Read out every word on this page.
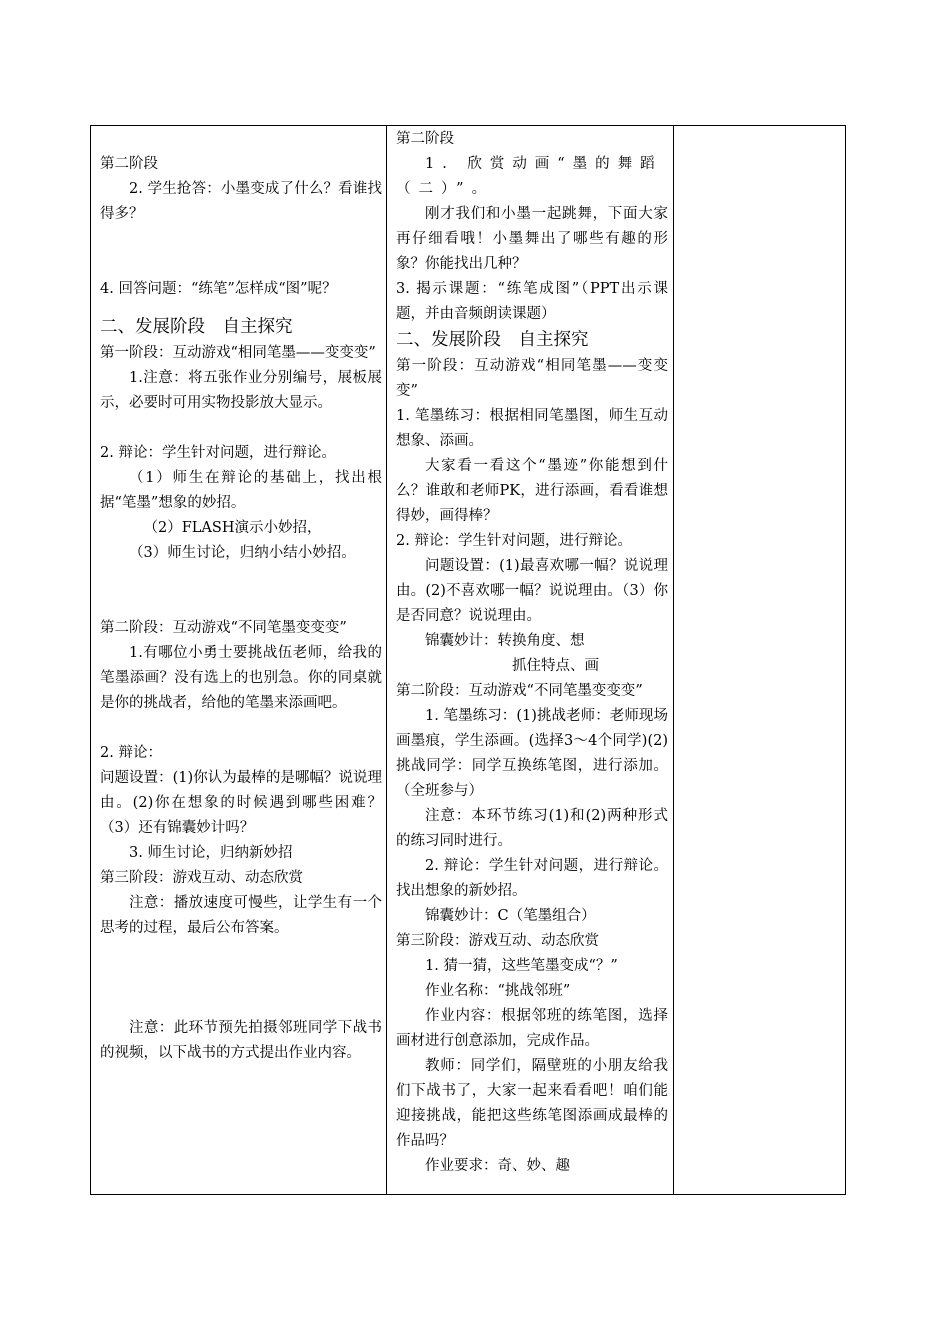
第二阶段

2. 学生抢答：小墨变成了什么？看谁找得多？

4. 回答问题：“练笔”怎样成“图”呢？

二、发展阶段　自主探究

第一阶段：互动游戏“相同笔墨——变变变”

1.注意：将五张作业分别编号，展板展示，必要时可用实物投影放大显示。

2. 辩论：学生针对问题，进行辩论。

（1）师生在辩论的基础上，找出根据“笔墨”想象的妙招。

（2）FLASH演示小妙招，

（3）师生讨论，归纳小结小妙招。

第二阶段：互动游戏“不同笔墨变变变”

1.有哪位小勇士要挑战伍老师，给我的笔墨添画？没有选上的也别急。你的同桌就是你的挑战者，给他的笔墨来添画吧。

2. 辩论：

问题设置：(1)你认为最棒的是哪幅？说说理由。(2)你在想象的时候遇到哪些困难？（3）还有锦囊妙计吗？

3. 师生讨论，归纳新妙招

第三阶段：游戏互动、动态欣赏

注意：播放速度可慢些，让学生有一个思考的过程，最后公布答案。

注意：此环节预先拍摄邻班同学下战书的视频，以下战书的方式提出作业内容。

第二阶段

1. 欣赏动画“墨的舞蹈（二）”。

刚才我们和小墨一起跳舞，下面大家再仔细看哦！小墨舞出了哪些有趣的形象？你能找出几种？

3. 揭示课题：“练笔成图”（PPT出示课题，并由音频朗读课题）

二、发展阶段　自主探究

第一阶段：互动游戏“相同笔墨——变变变”

1. 笔墨练习：根据相同笔墨图，师生互动想象、添画。

大家看一看这个“墨迹”你能想到什么？谁敢和老师PK，进行添画，看看谁想得妙，画得棒？

2. 辩论：学生针对问题，进行辩论。

问题设置：(1)最喜欢哪一幅？说说理由。(2)不喜欢哪一幅？说说理由。（3）你是否同意？说说理由。

锦囊妙计：转换角度、想

抓住特点、画

第二阶段：互动游戏“不同笔墨变变变”

1. 笔墨练习：(1)挑战老师：老师现场画墨痕，学生添画。(选择3～4个同学)(2)挑战同学：同学互换练笔图，进行添加。（全班参与）

注意：本环节练习(1)和(2)两种形式的练习同时进行。

2. 辩论：学生针对问题，进行辩论。找出想象的新妙招。

锦囊妙计：C（笔墨组合）

第三阶段：游戏互动、动态欣赏

1. 猜一猜，这些笔墨变成“？”

作业名称：“挑战邻班”

作业内容：根据邻班的练笔图，选择画材进行创意添加，完成作品。

教师：同学们，隔壁班的小朋友给我们下战书了，大家一起来看看吧！咱们能迎接挑战，能把这些练笔图添画成最棒的作品吗？

作业要求：奇、妙、趣
